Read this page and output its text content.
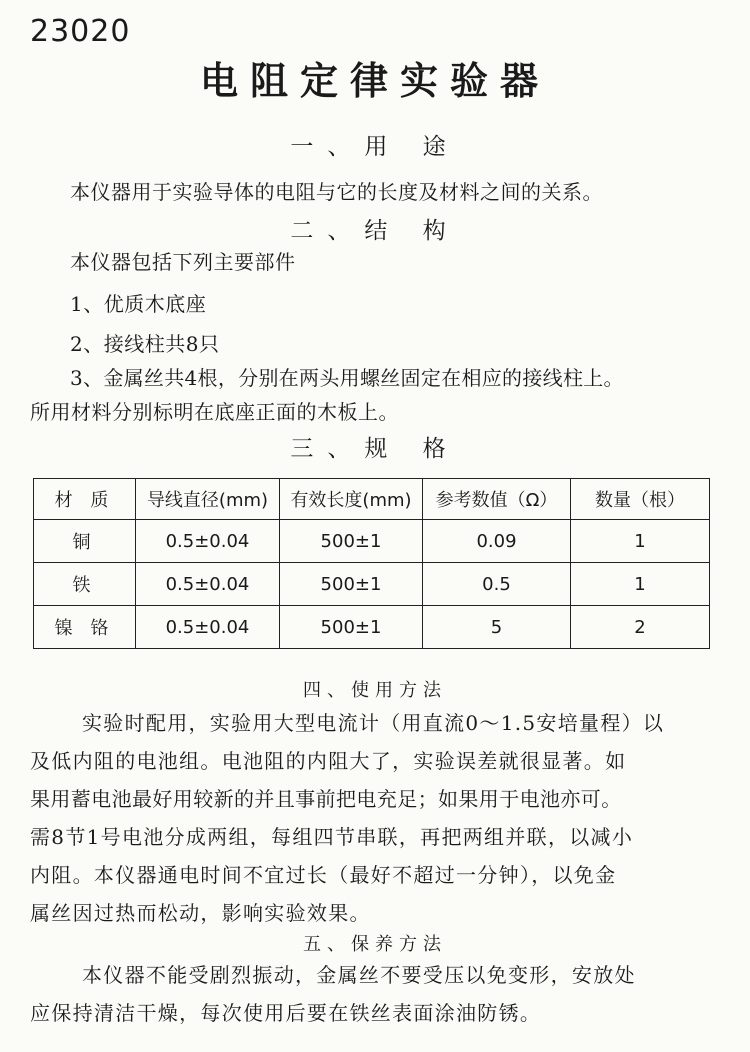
23020
电阻定律实验器
一、用 途
本仪器用于实验导体的电阻与它的长度及材料之间的关系。
二、结 构
本仪器包括下列主要部件
1、优质木底座
2、接线柱共8只
3、金属丝共4根，分别在两头用螺丝固定在相应的接线柱上。
所用材料分别标明在底座正面的木板上。
三、规 格
材 质	导线直径(mm)	有效长度(mm)	参考数值（Ω）	数量（根）
铜	0.5±0.04	500±1	0.09	1
铁	0.5±0.04	500±1	0.5	1
镍 铬	0.5±0.04	500±1	5	2
四、使用方法
实验时配用，实验用大型电流计（用直流0～1.5安培量程）以
及低内阻的电池组。电池阻的内阻大了，实验误差就很显著。如
果用蓄电池最好用较新的并且事前把电充足；如果用于电池亦可。
需8节1号电池分成两组，每组四节串联，再把两组并联，以减小
内阻。本仪器通电时间不宜过长（最好不超过一分钟），以免金
属丝因过热而松动，影响实验效果。
五、保养方法
本仪器不能受剧烈振动，金属丝不要受压以免变形，安放处
应保持清洁干燥，每次使用后要在铁丝表面涂油防锈。
